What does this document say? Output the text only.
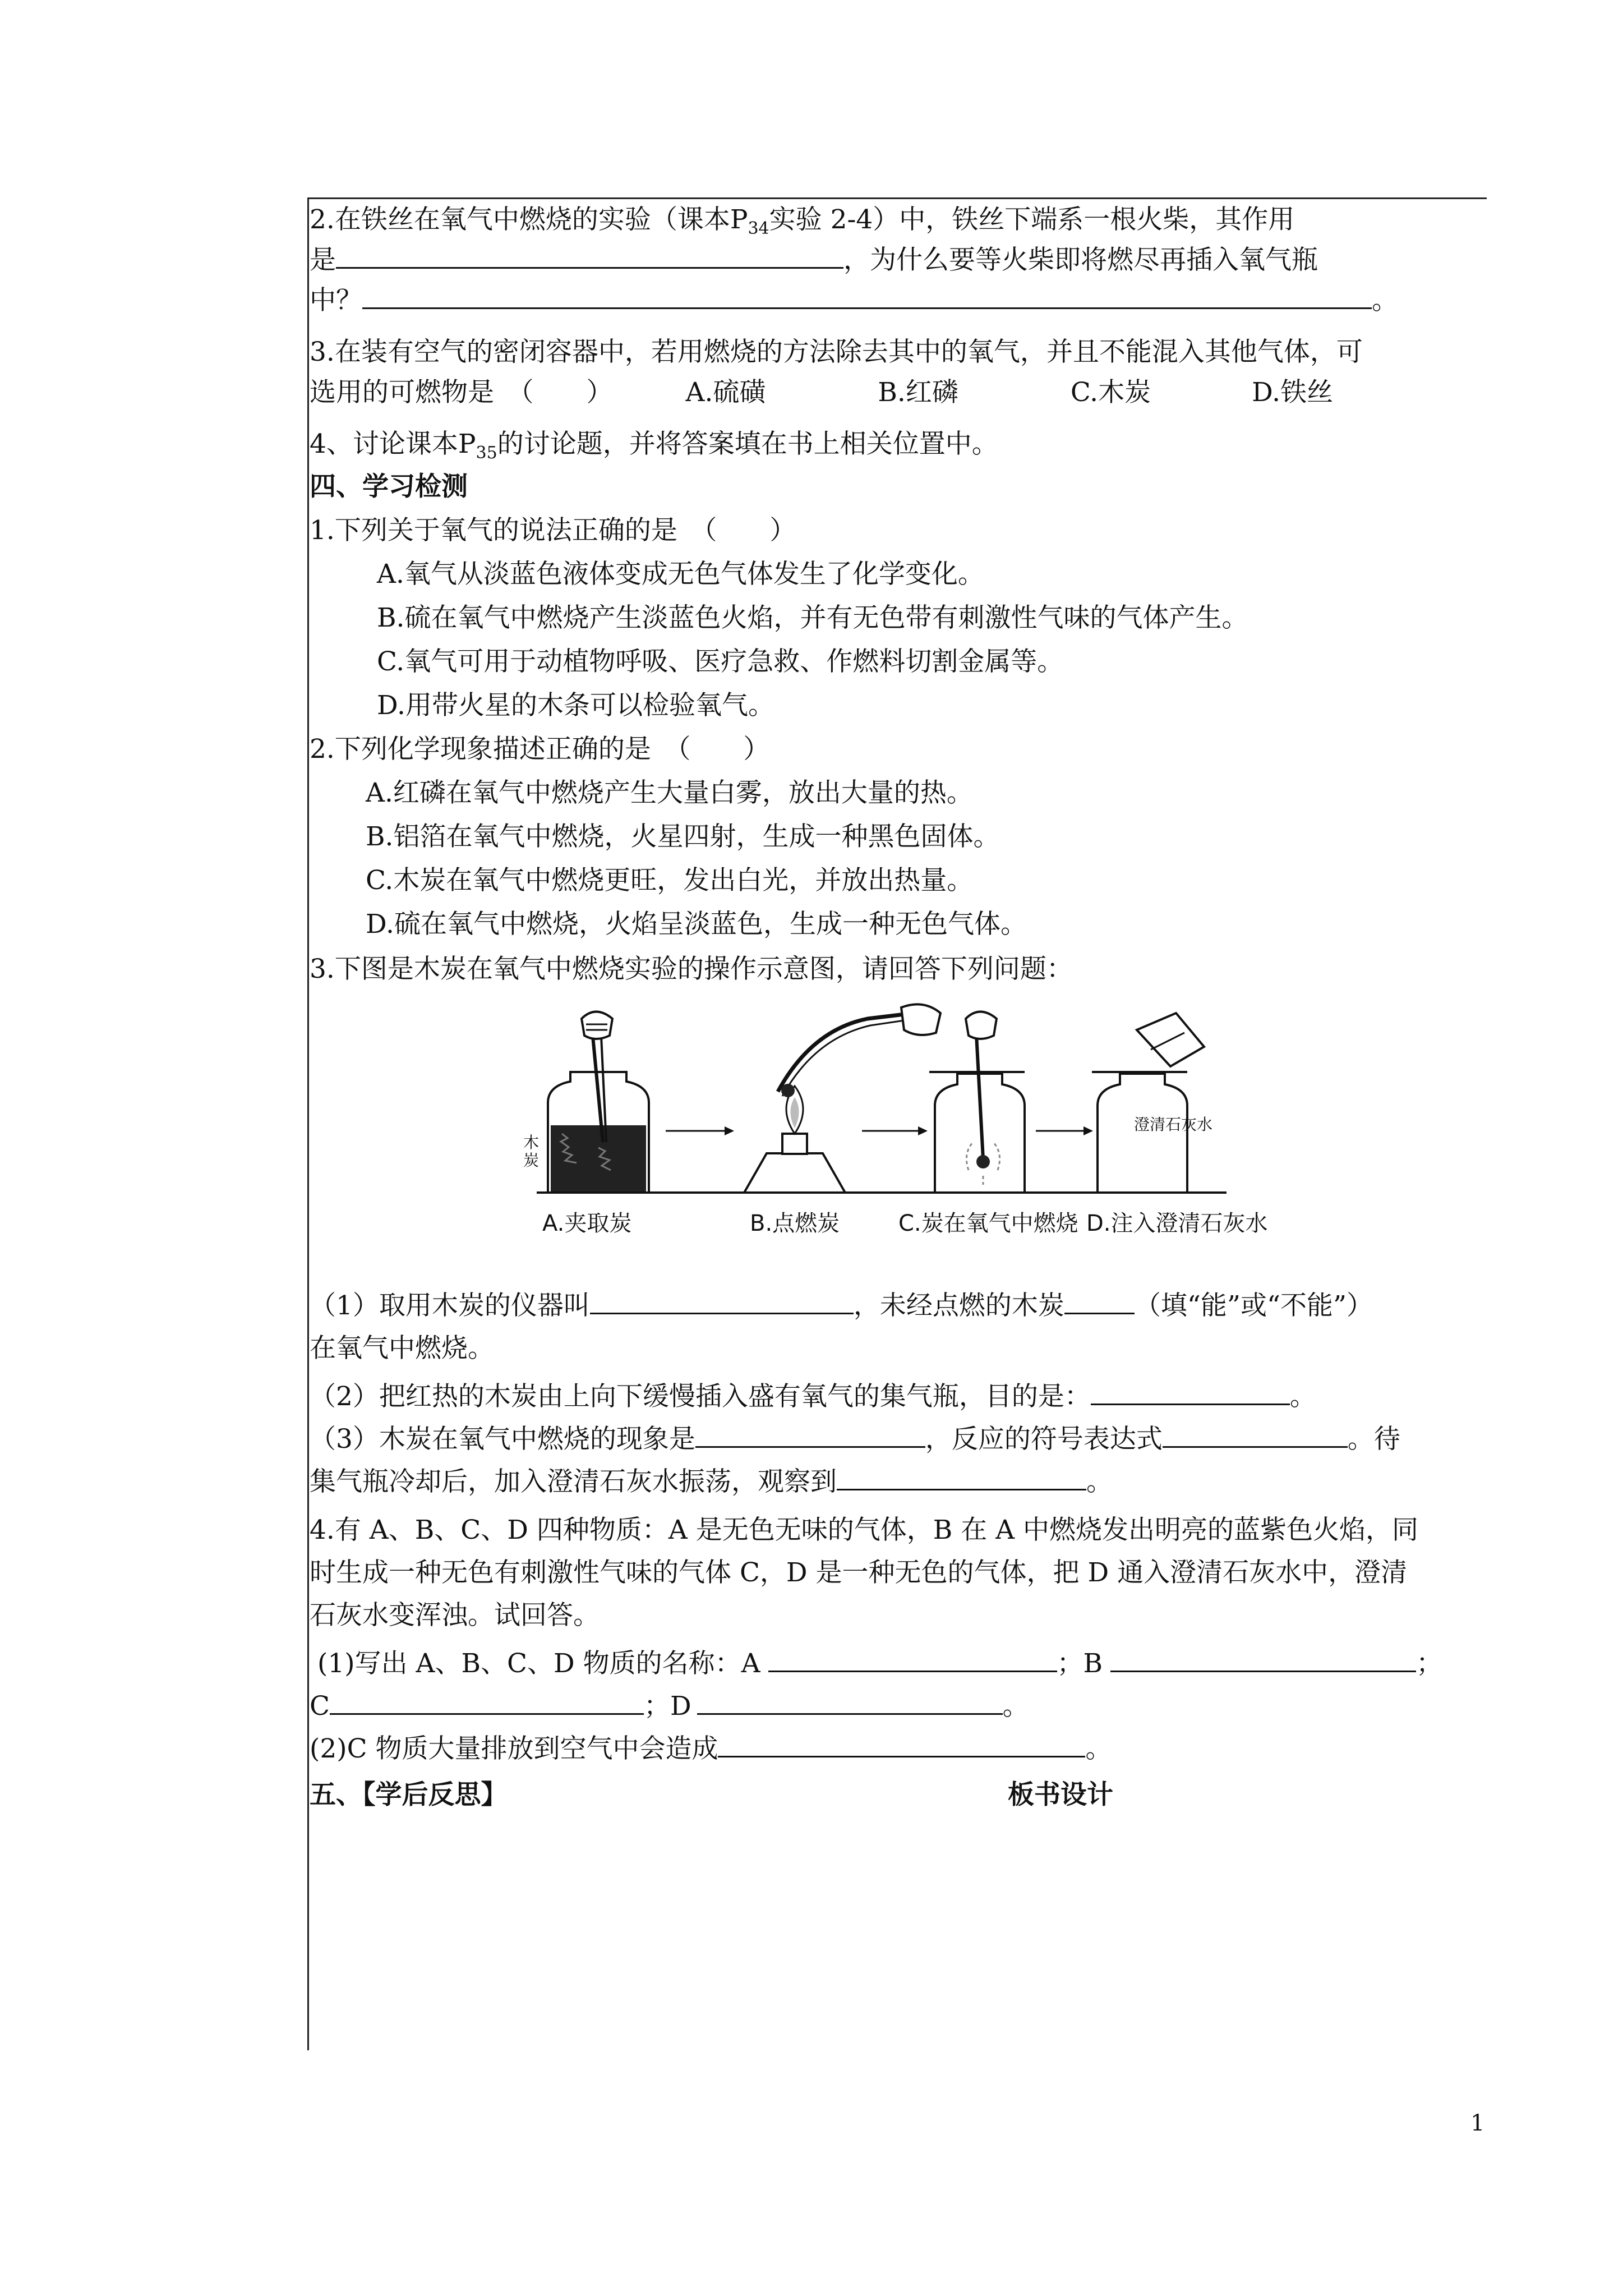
2.在铁丝在氧气中燃烧的实验（课本$P_{34}$实验 2-4）中，铁丝下端系一根火柴，其作用
是	，为什么要等火柴即将燃尽再插入氧气瓶
中？	。
3.在装有空气的密闭容器中，若用燃烧的方法除去其中的氧气，并且不能混入其他气体，可
选用的可燃物是　（　　）	A.硫磺	B.红磷	C.木炭	D.铁丝
4、讨论课本$P_{35}$的讨论题，并将答案填在书上相关位置中。
四、学习检测
1.下列关于氧气的说法正确的是　（　　）
A.氧气从淡蓝色液体变成无色气体发生了化学变化。
B.硫在氧气中燃烧产生淡蓝色火焰，并有无色带有刺激性气味的气体产生。
C.氧气可用于动植物呼吸、医疗急救、作燃料切割金属等。
D.用带火星的木条可以检验氧气。
2.下列化学现象描述正确的是　（　　）
A.红磷在氧气中燃烧产生大量白雾，放出大量的热。
B.铝箔在氧气中燃烧，火星四射，生成一种黑色固体。
C.木炭在氧气中燃烧更旺，发出白光，并放出热量。
D.硫在氧气中燃烧，火焰呈淡蓝色，生成一种无色气体。
3.下图是木炭在氧气中燃烧实验的操作示意图，请回答下列问题：
木
炭
澄清石灰水
A.夹取炭	B.点燃炭	C.炭在氧气中燃烧 D.注入澄清石灰水
（1）取用木炭的仪器叫	，未经点燃的木炭	（填“能”或“不能”）
在氧气中燃烧。
（2）把红热的木炭由上向下缓慢插入盛有氧气的集气瓶，目的是：	。
（3）木炭在氧气中燃烧的现象是	，反应的符号表达式	。待
集气瓶冷却后，加入澄清石灰水振荡，观察到	。
4.有 A、B、C、D 四种物质：A 是无色无味的气体，B 在 A 中燃烧发出明亮的蓝紫色火焰，同
时生成一种无色有刺激性气味的气体 C，D 是一种无色的气体，把 D 通入澄清石灰水中，澄清
石灰水变浑浊。试回答。
(1)写出 A、B、C、D 物质的名称：A	；B	；
C	；D	。
(2)C 物质大量排放到空气中会造成	。
五、【学后反思】	板书设计
1
